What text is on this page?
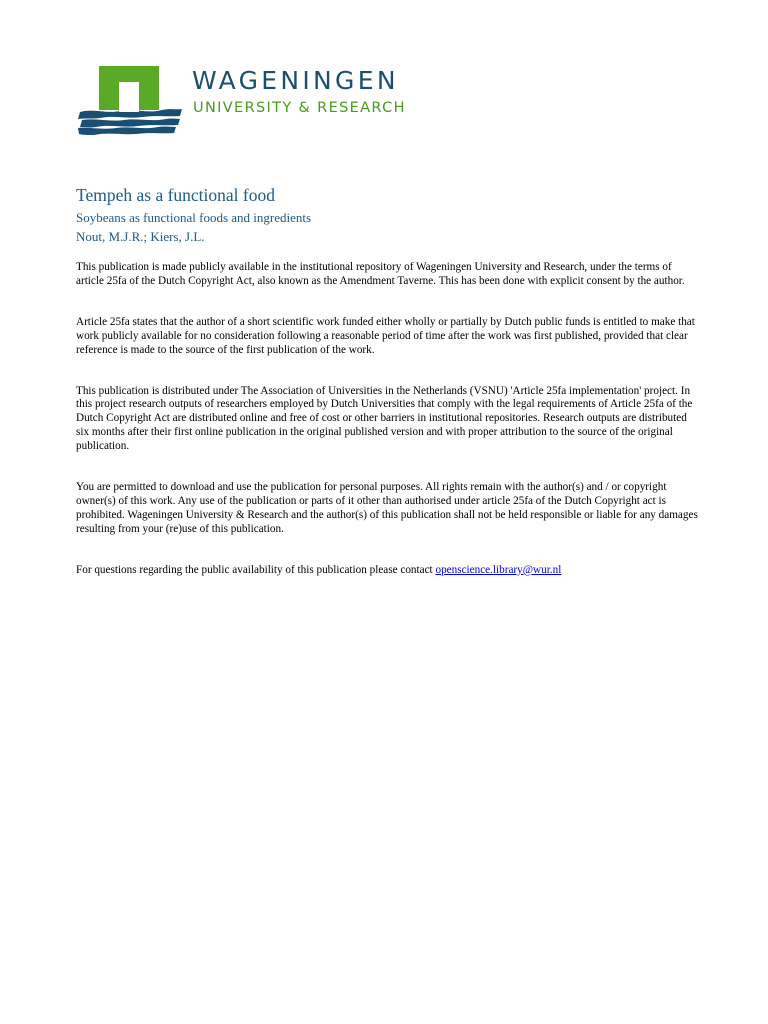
WAGENINGEN
UNIVERSITY & RESEARCH
Tempeh as a functional food
Soybeans as functional foods and ingredients
Nout, M.J.R.; Kiers, J.L.

This publication is made publicly available in the institutional repository of Wageningen University and Research, under the terms of article 25fa of the Dutch Copyright Act, also known as the Amendment Taverne. This has been done with explicit consent by the author.

Article 25fa states that the author of a short scientific work funded either wholly or partially by Dutch public funds is entitled to make that work publicly available for no consideration following a reasonable period of time after the work was first published, provided that clear reference is made to the source of the first publication of the work.

This publication is distributed under The Association of Universities in the Netherlands (VSNU) 'Article 25fa implementation' project. In this project research outputs of researchers employed by Dutch Universities that comply with the legal requirements of Article 25fa of the Dutch Copyright Act are distributed online and free of cost or other barriers in institutional repositories. Research outputs are distributed six months after their first online publication in the original published version and with proper attribution to the source of the original publication.

You are permitted to download and use the publication for personal purposes. All rights remain with the author(s) and / or copyright owner(s) of this work. Any use of the publication or parts of it other than authorised under article 25fa of the Dutch Copyright act is prohibited. Wageningen University & Research and the author(s) of this publication shall not be held responsible or liable for any damages resulting from your (re)use of this publication.

For questions regarding the public availability of this publication please contact openscience.library@wur.nl
